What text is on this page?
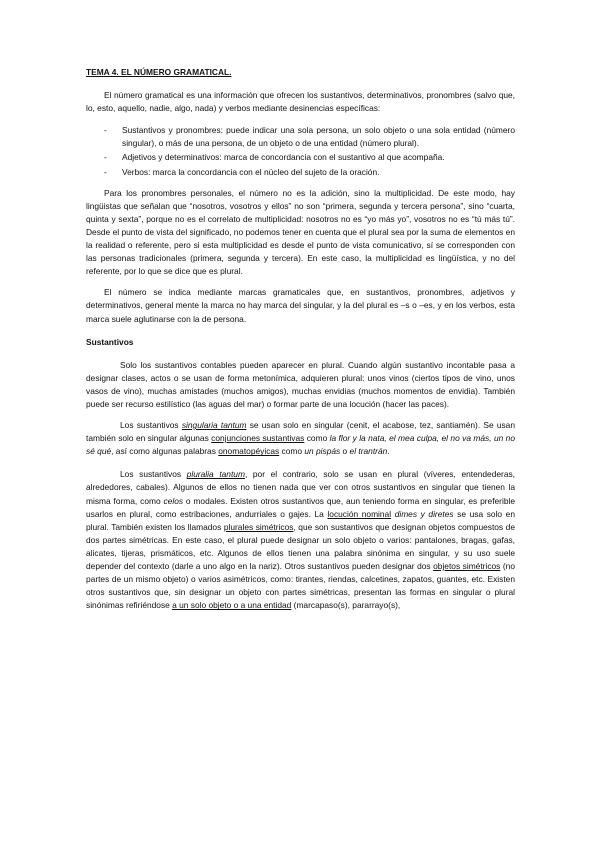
TEMA 4. EL NÚMERO GRAMATICAL.

El número gramatical es una información que ofrecen los sustantivos, determinativos, pronombres (salvo que, lo, esto, aquello, nadie, algo, nada) y verbos mediante desinencias específicas:

- Sustantivos y pronombres: puede indicar una sola persona, un solo objeto o una sola entidad (número singular), o más de una persona, de un objeto o de una entidad (número plural).
- Adjetivos y determinativos: marca de concordancia con el sustantivo al que acompaña.
- Verbos: marca la concordancia con el núcleo del sujeto de la oración.

Para los pronombres personales, el número no es la adición, sino la multiplicidad. De este modo, hay lingüistas que señalan que “nosotros, vosotros y ellos” no son “primera, segunda y tercera persona”, sino “cuarta, quinta y sexta”, porque no es el correlato de multiplicidad: nosotros no es “yo más yo”, vosotros no es “tú más tú”. Desde el punto de vista del significado, no podemos tener en cuenta que el plural sea por la suma de elementos en la realidad o referente, pero si esta multiplicidad es desde el punto de vista comunicativo, sí se corresponden con las personas tradicionales (primera, segunda y tercera). En este caso, la multiplicidad es lingüística, y no del referente, por lo que se dice que es plural.

El número se indica mediante marcas gramaticales que, en sustantivos, pronombres, adjetivos y determinativos, general mente la marca no hay marca del singular, y la del plural es –s o –es, y en los verbos, esta marca suele aglutinarse con la de persona.

Sustantivos

Solo los sustantivos contables pueden aparecer en plural. Cuando algún sustantivo incontable pasa a designar clases, actos o se usan de forma metonímica, adquieren plural: unos vinos (ciertos tipos de vino, unos vasos de vino), muchas amistades (muchos amigos), muchas envidias (muchos momentos de envidia). También puede ser recurso estilístico (las aguas del mar) o formar parte de una locución (hacer las paces).

Los sustantivos singularia tantum se usan solo en singular (cenit, el acabose, tez, santiamén). Se usan también solo en singular algunas conjunciones sustantivas como la flor y la nata, el mea culpa, el no va más, un no sé qué, así como algunas palabras onomatopéyicas como un pispás o el trantrán.

Los sustantivos pluralia tantum, por el contrario, solo se usan en plural (víveres, entendederas, alrededores, cabales). Algunos de ellos no tienen nada que ver con otros sustantivos en singular que tienen la misma forma, como celos o modales. Existen otros sustantivos que, aun teniendo forma en singular, es preferible usarlos en plural, como estribaciones, andurriales o gajes. La locución nominal dimes y diretes se usa solo en plural. También existen los llamados plurales simétricos, que son sustantivos que designan objetos compuestos de dos partes simétricas. En este caso, el plural puede designar un solo objeto o varios: pantalones, bragas, gafas, alicates, tijeras, prismáticos, etc. Algunos de ellos tienen una palabra sinónima en singular, y su uso suele depender del contexto (darle a uno algo en la nariz). Otros sustantivos pueden designar dos objetos simétricos (no partes de un mismo objeto) o varios asimétricos, como: tirantes, riendas, calcetines, zapatos, guantes, etc. Existen otros sustantivos que, sin designar un objeto con partes simétricas, presentan las formas en singular o plural sinónimas refiriéndose a un solo objeto o a una entidad (marcapaso(s), pararrayo(s),
